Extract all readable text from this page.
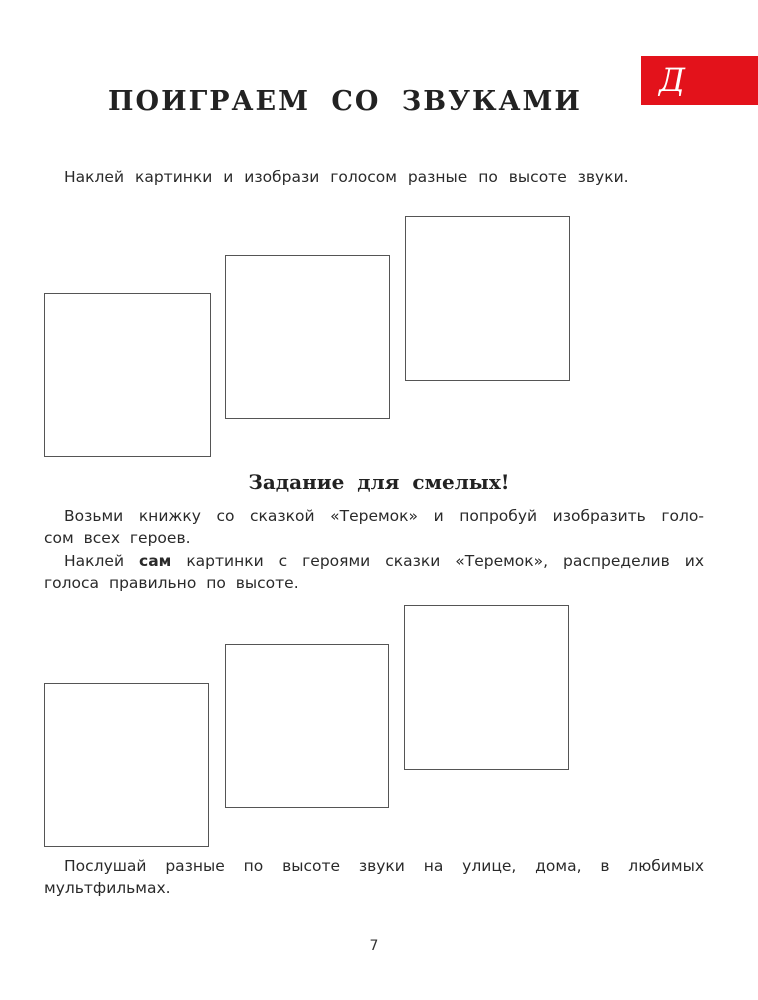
Д
ПОИГРАЕМ СО ЗВУКАМИ
Наклей картинки и изобрази голосом разные по высоте звуки.
Задание для смелых!
Возьми книжку со сказкой «Теремок» и попробуй изобразить голо-
сом всех героев.
Наклей сам картинки с героями сказки «Теремок», распределив их
голоса правильно по высоте.
Послушай разные по высоте звуки на улице, дома, в любимых
мультфильмах.
7
